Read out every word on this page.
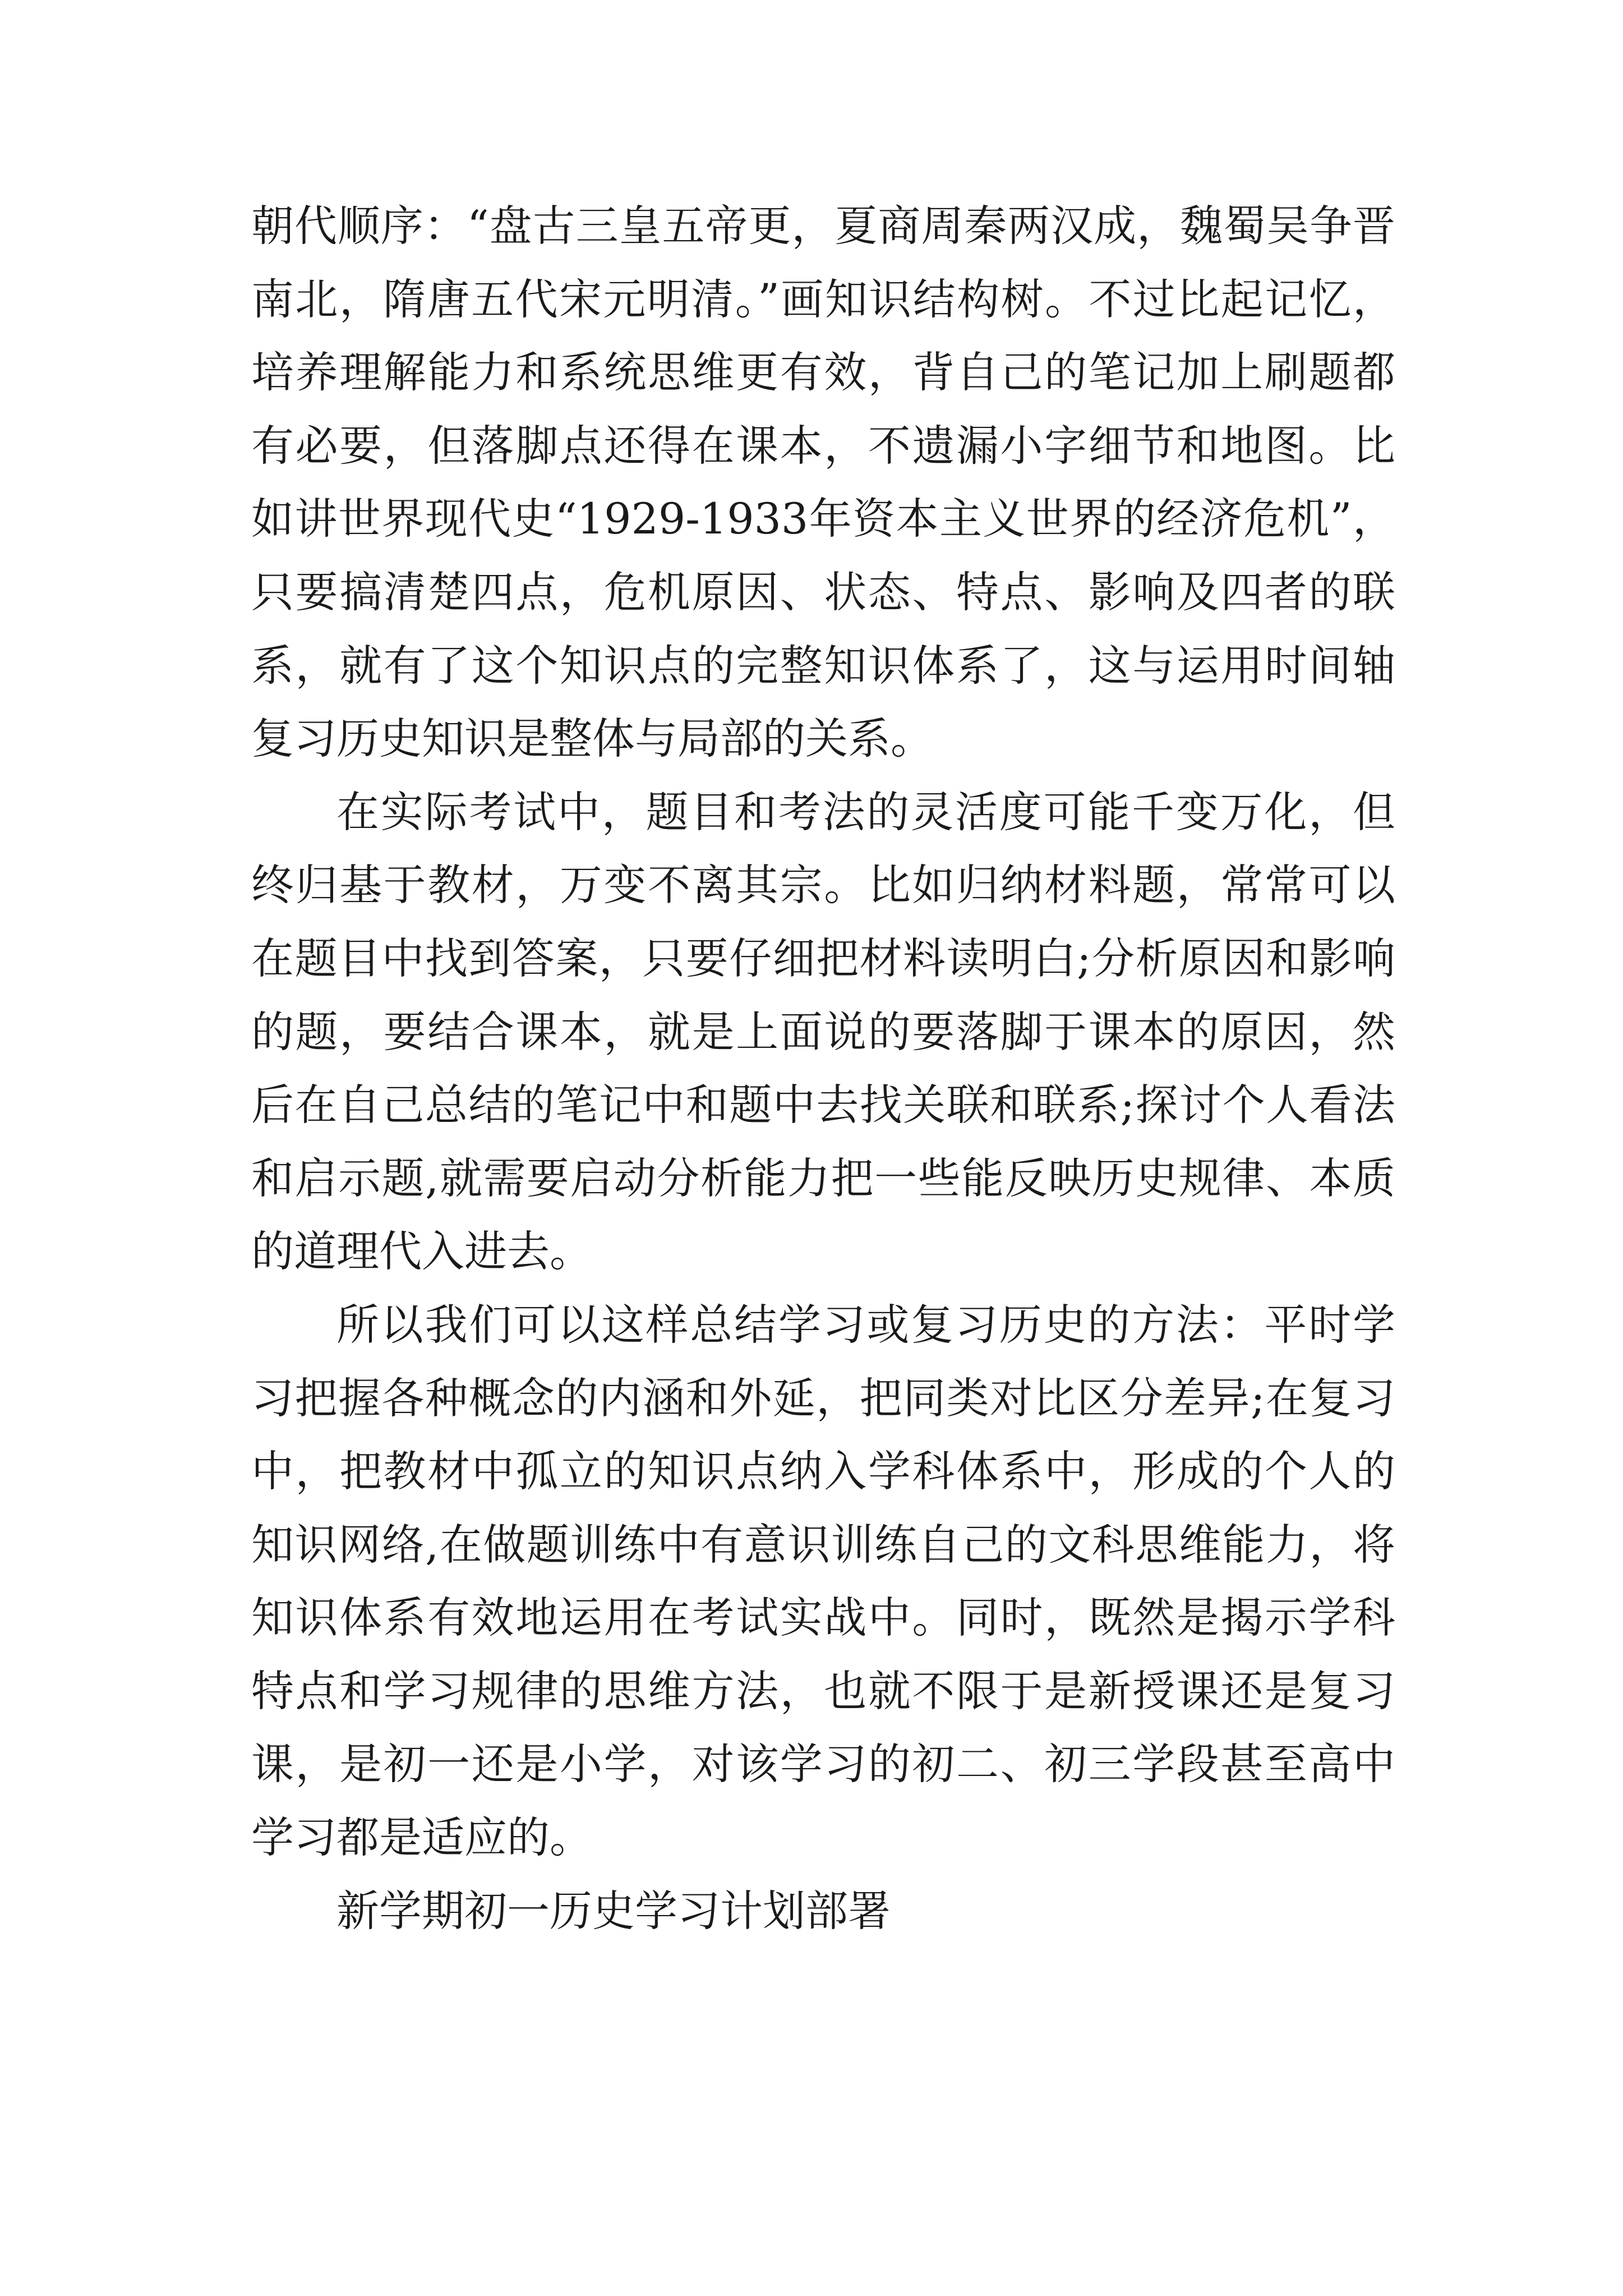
朝代顺序：“盘古三皇五帝更，夏商周秦两汉成，魏蜀吴争晋南北，隋唐五代宋元明清。”画知识结构树。不过比起记忆，培养理解能力和系统思维更有效，背自己的笔记加上刷题都有必要，但落脚点还得在课本，不遗漏小字细节和地图。比如讲世界现代史“1929-1933年资本主义世界的经济危机”，只要搞清楚四点，危机原因、状态、特点、影响及四者的联系，就有了这个知识点的完整知识体系了，这与运用时间轴复习历史知识是整体与局部的关系。

在实际考试中，题目和考法的灵活度可能千变万化，但终归基于教材，万变不离其宗。比如归纳材料题，常常可以在题目中找到答案，只要仔细把材料读明白;分析原因和影响的题，要结合课本，就是上面说的要落脚于课本的原因，然后在自己总结的笔记中和题中去找关联和联系;探讨个人看法和启示题,就需要启动分析能力把一些能反映历史规律、本质的道理代入进去。

所以我们可以这样总结学习或复习历史的方法：平时学习把握各种概念的内涵和外延，把同类对比区分差异;在复习中，把教材中孤立的知识点纳入学科体系中，形成的个人的知识网络,在做题训练中有意识训练自己的文科思维能力，将知识体系有效地运用在考试实战中。同时，既然是揭示学科特点和学习规律的思维方法，也就不限于是新授课还是复习课，是初一还是小学，对该学习的初二、初三学段甚至高中学习都是适应的。

新学期初一历史学习计划部署
